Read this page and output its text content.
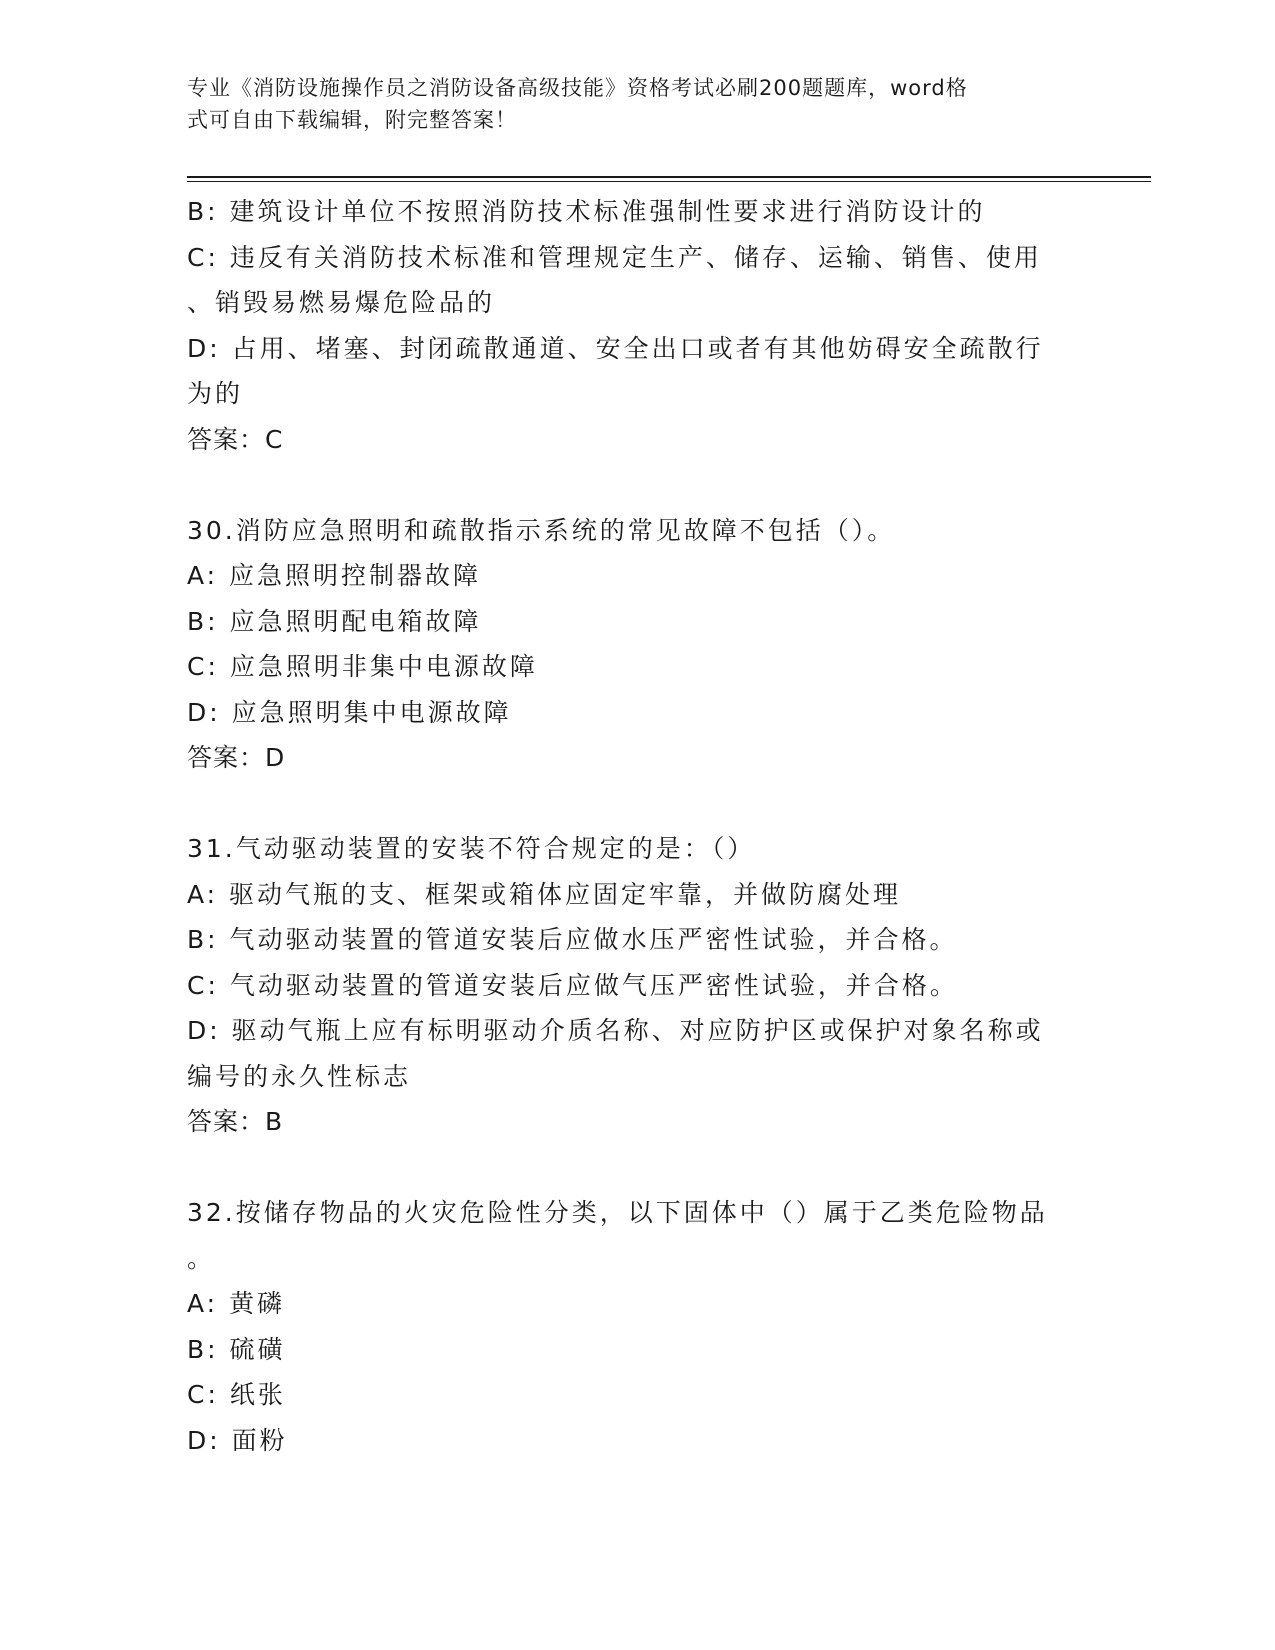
专业《消防设施操作员之消防设备高级技能》资格考试必刷200题题库，word格
式可自由下载编辑，附完整答案！
B: 建筑设计单位不按照消防技术标准强制性要求进行消防设计的
C: 违反有关消防技术标准和管理规定生产、储存、运输、销售、使用
、销毁易燃易爆危险品的
D: 占用、堵塞、封闭疏散通道、安全出口或者有其他妨碍安全疏散行
为的
答案：C
30.消防应急照明和疏散指示系统的常见故障不包括（）。
A: 应急照明控制器故障
B: 应急照明配电箱故障
C: 应急照明非集中电源故障
D: 应急照明集中电源故障
答案：D
31.气动驱动装置的安装不符合规定的是：（）
A: 驱动气瓶的支、框架或箱体应固定牢靠，并做防腐处理
B: 气动驱动装置的管道安装后应做水压严密性试验，并合格。
C: 气动驱动装置的管道安装后应做气压严密性试验，并合格。
D: 驱动气瓶上应有标明驱动介质名称、对应防护区或保护对象名称或
编号的永久性标志
答案：B
32.按储存物品的火灾危险性分类，以下固体中（）属于乙类危险物品
。
A: 黄磷
B: 硫磺
C: 纸张
D: 面粉
